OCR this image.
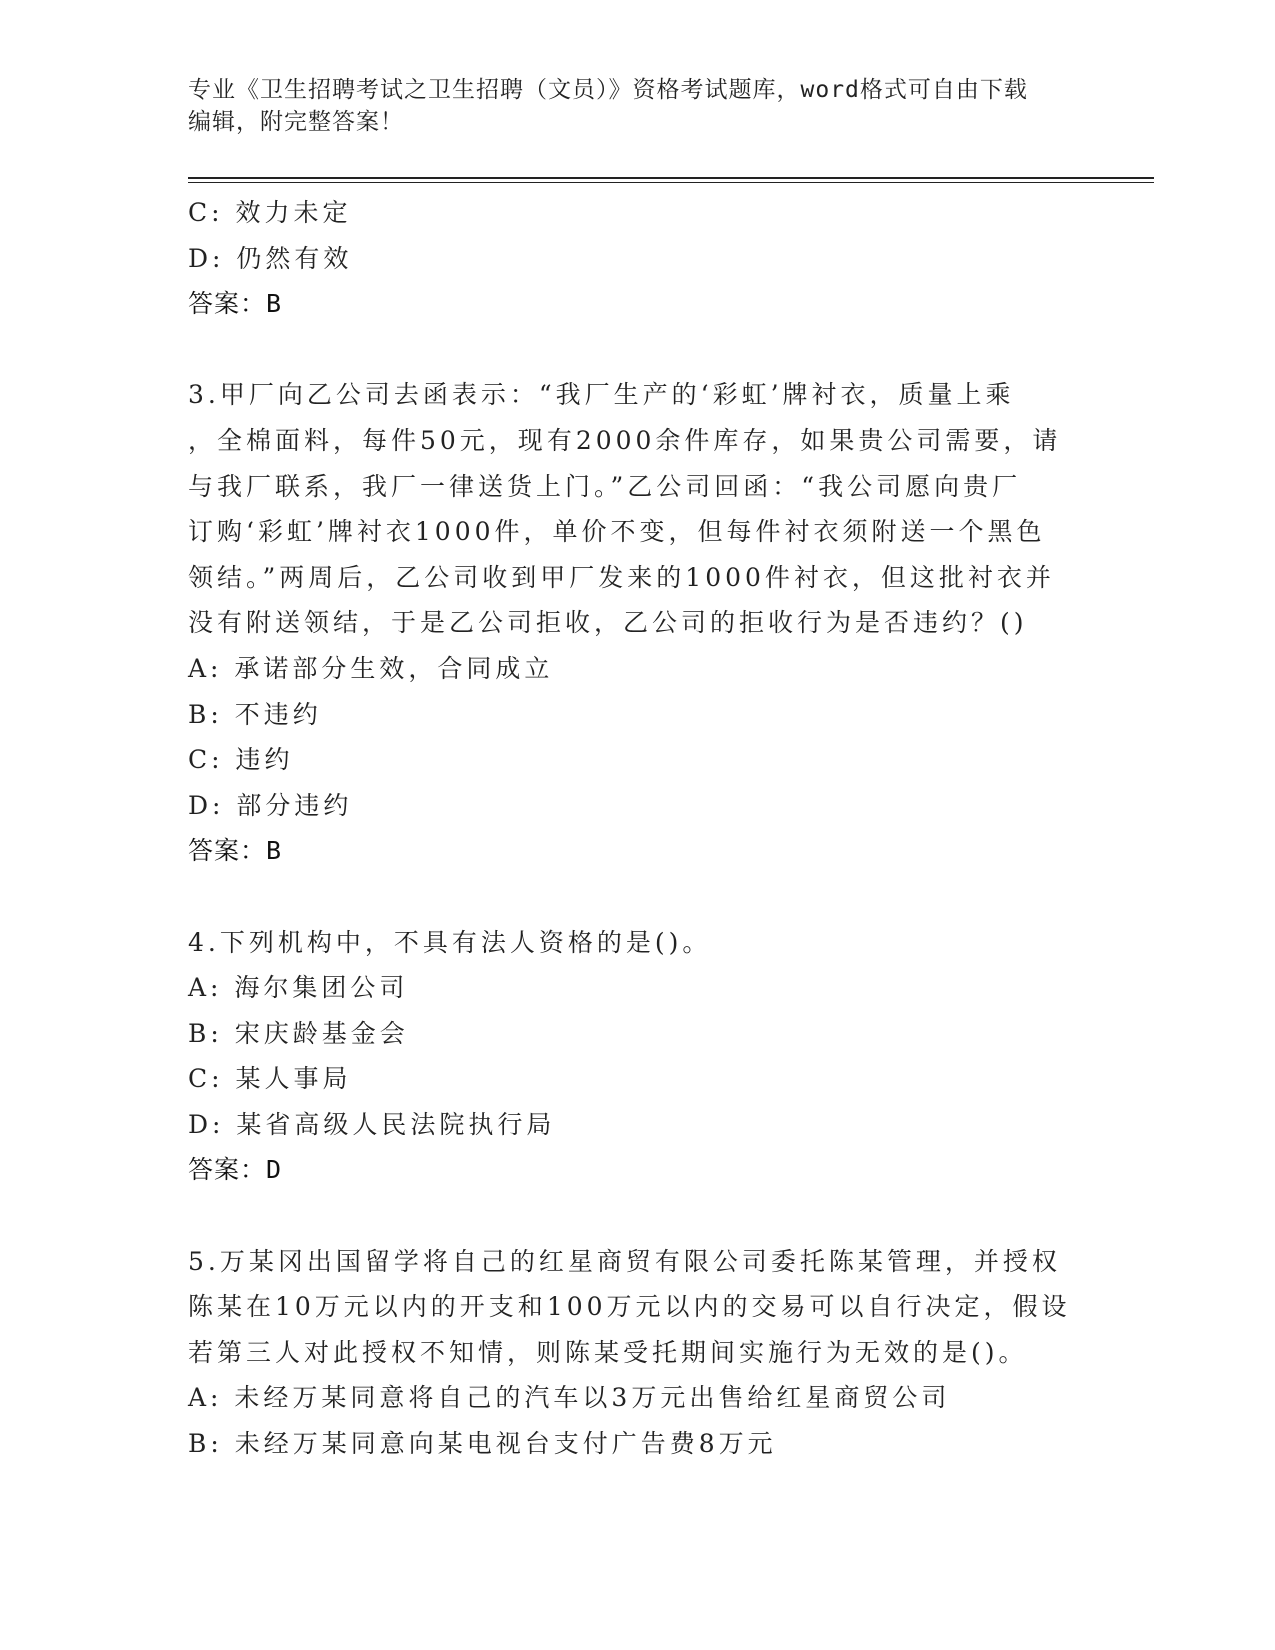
专业《卫生招聘考试之卫生招聘（文员）》资格考试题库，word格式可自由下载
编辑，附完整答案！
C: 效力未定
D: 仍然有效
答案：B
3.甲厂向乙公司去函表示：“我厂生产的‘彩虹’牌衬衣，质量上乘
，全棉面料，每件50元，现有2000余件库存，如果贵公司需要，请
与我厂联系，我厂一律送货上门。”乙公司回函：“我公司愿向贵厂
订购‘彩虹’牌衬衣1000件，单价不变，但每件衬衣须附送一个黑色
领结。”两周后，乙公司收到甲厂发来的1000件衬衣，但这批衬衣并
没有附送领结，于是乙公司拒收，乙公司的拒收行为是否违约？()
A: 承诺部分生效，合同成立
B: 不违约
C: 违约
D: 部分违约
答案：B
4.下列机构中，不具有法人资格的是()。
A: 海尔集团公司
B: 宋庆龄基金会
C: 某人事局
D: 某省高级人民法院执行局
答案：D
5.万某冈出国留学将自己的红星商贸有限公司委托陈某管理，并授权
陈某在10万元以内的开支和100万元以内的交易可以自行决定，假设
若第三人对此授权不知情，则陈某受托期间实施行为无效的是()。
A: 未经万某同意将自己的汽车以3万元出售给红星商贸公司
B: 未经万某同意向某电视台支付广告费8万元
